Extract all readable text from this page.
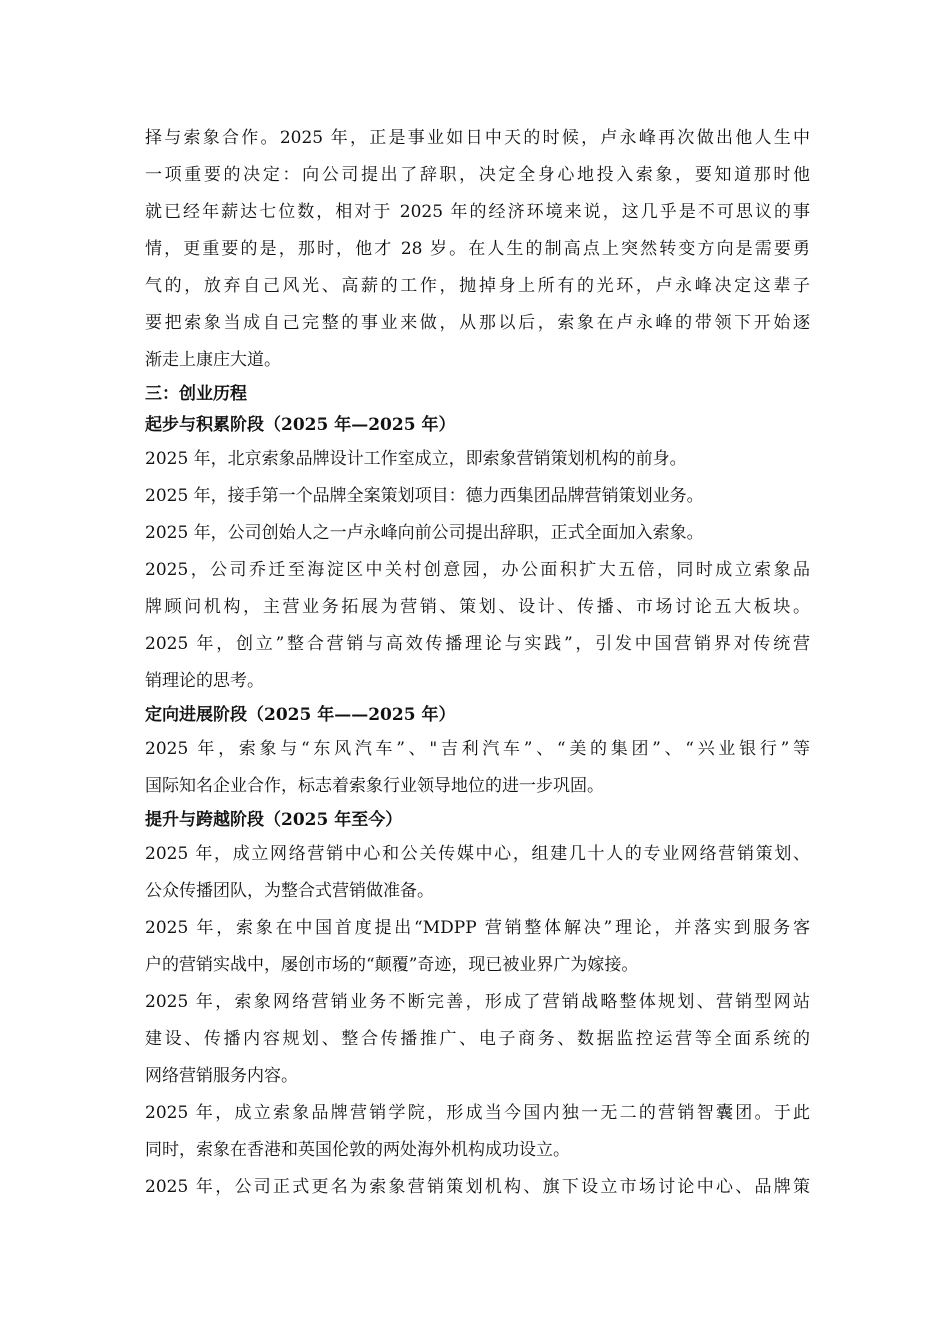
择与索象合作。2025 年，正是事业如日中天的时候，卢永峰再次做出他人生中
一项重要的决定：向公司提出了辞职，决定全身心地投入索象，要知道那时他
就已经年薪达七位数，相对于 2025 年的经济环境来说，这几乎是不可思议的事
情，更重要的是，那时，他才 28 岁。在人生的制高点上突然转变方向是需要勇
气的，放弃自己风光、高薪的工作，抛掉身上所有的光环，卢永峰决定这辈子
要把索象当成自己完整的事业来做，从那以后，索象在卢永峰的带领下开始逐
渐走上康庄大道。
三：创业历程
起步与积累阶段（2025 年—2025 年）
2025 年，北京索象品牌设计工作室成立，即索象营销策划机构的前身。
2025 年，接手第一个品牌全案策划项目：德力西集团品牌营销策划业务。
2025 年，公司创始人之一卢永峰向前公司提出辞职，正式全面加入索象。
2025，公司乔迁至海淀区中关村创意园，办公面积扩大五倍，同时成立索象品
牌顾问机构，主营业务拓展为营销、策划、设计、传播、市场讨论五大板块。
2025 年，创立”整合营销与高效传播理论与实践”，引发中国营销界对传统营
销理论的思考。
定向进展阶段（2025 年——2025 年）
2025 年，索象与“东风汽车”、"吉利汽车”、“美的集团”、“兴业银行”等
国际知名企业合作，标志着索象行业领导地位的进一步巩固。
提升与跨越阶段（2025 年至今）
2025 年，成立网络营销中心和公关传媒中心，组建几十人的专业网络营销策划、
公众传播团队，为整合式营销做准备。
2025 年，索象在中国首度提出“MDPP 营销整体解决”理论，并落实到服务客
户的营销实战中，屡创市场的“颠覆”奇迹，现已被业界广为嫁接。
2025 年，索象网络营销业务不断完善，形成了营销战略整体规划、营销型网站
建设、传播内容规划、整合传播推广、电子商务、数据监控运营等全面系统的
网络营销服务内容。
2025 年，成立索象品牌营销学院，形成当今国内独一无二的营销智囊团。于此
同时，索象在香港和英国伦敦的两处海外机构成功设立。
2025 年，公司正式更名为索象营销策划机构、旗下设立市场讨论中心、品牌策
